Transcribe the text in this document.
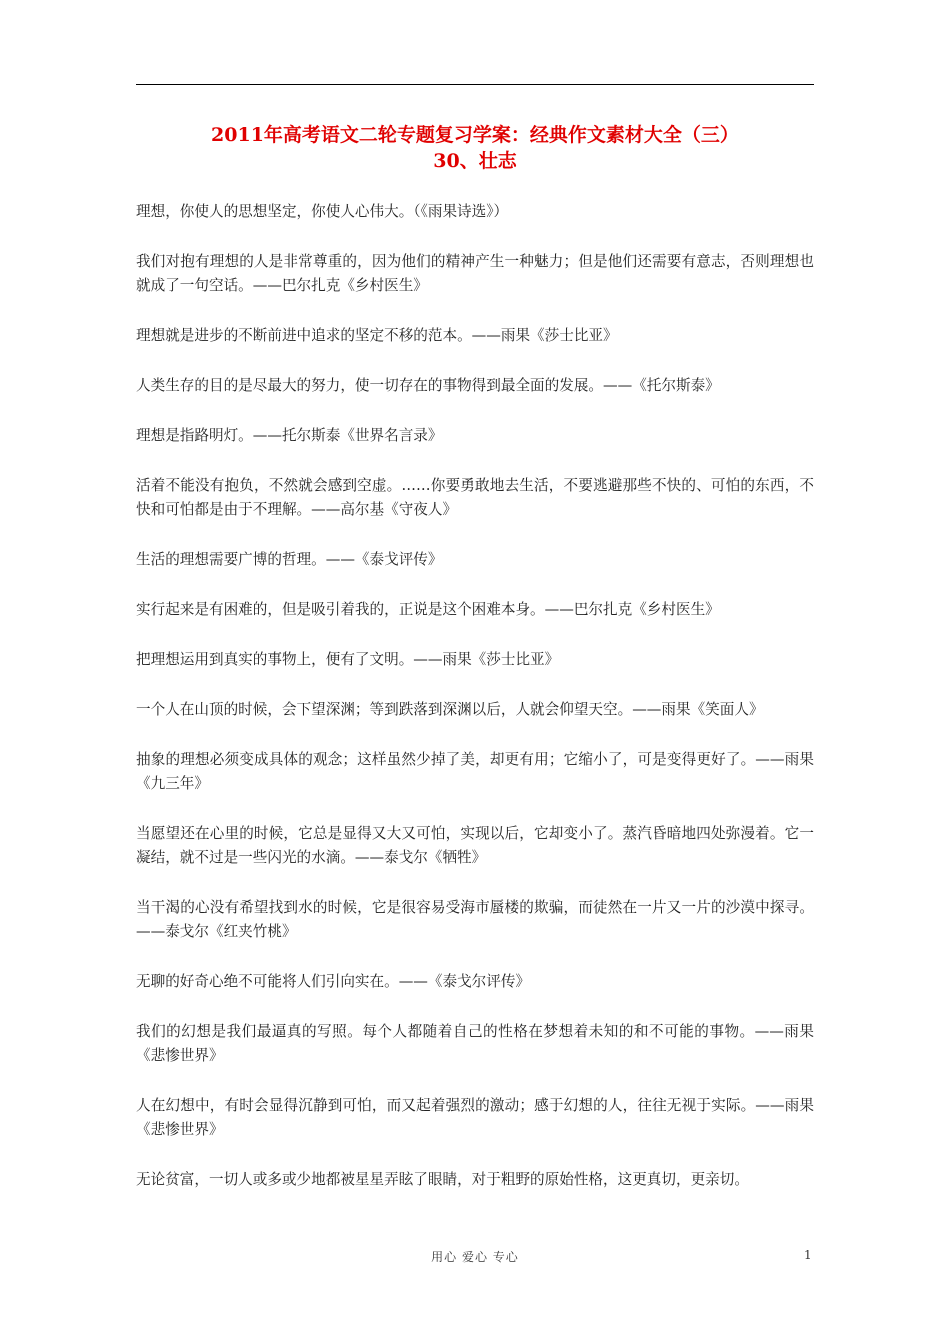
2011年高考语文二轮专题复习学案：经典作文素材大全（三）
30、壮志

理想，你使人的思想坚定，你使人心伟大。（《雨果诗选》）

我们对抱有理想的人是非常尊重的，因为他们的精神产生一种魅力；但是他们还需要有意志，否则理想也就成了一句空话。——巴尔扎克《乡村医生》

理想就是进步的不断前进中追求的坚定不移的范本。——雨果《莎士比亚》

人类生存的目的是尽最大的努力，使一切存在的事物得到最全面的发展。——《托尔斯泰》

理想是指路明灯。——托尔斯泰《世界名言录》

活着不能没有抱负，不然就会感到空虚。……你要勇敢地去生活，不要逃避那些不快的、可怕的东西，不快和可怕都是由于不理解。——高尔基《守夜人》

生活的理想需要广博的哲理。——《泰戈评传》

实行起来是有困难的，但是吸引着我的，正说是这个困难本身。——巴尔扎克《乡村医生》

把理想运用到真实的事物上，便有了文明。——雨果《莎士比亚》

一个人在山顶的时候，会下望深渊；等到跌落到深渊以后，人就会仰望天空。——雨果《笑面人》

抽象的理想必须变成具体的观念；这样虽然少掉了美，却更有用；它缩小了，可是变得更好了。——雨果《九三年》

当愿望还在心里的时候，它总是显得又大又可怕，实现以后，它却变小了。蒸汽昏暗地四处弥漫着。它一凝结，就不过是一些闪光的水滴。——泰戈尔《牺牲》

当干渴的心没有希望找到水的时候，它是很容易受海市蜃楼的欺骗，而徒然在一片又一片的沙漠中探寻。——泰戈尔《红夹竹桃》

无聊的好奇心绝不可能将人们引向实在。——《泰戈尔评传》

我们的幻想是我们最逼真的写照。每个人都随着自己的性格在梦想着未知的和不可能的事物。——雨果《悲惨世界》

人在幻想中，有时会显得沉静到可怕，而又起着强烈的激动；感于幻想的人，往往无视于实际。——雨果《悲惨世界》

无论贫富，一切人或多或少地都被星星弄眩了眼睛，对于粗野的原始性格，这更真切，更亲切。

用心 爱心 专心	1
